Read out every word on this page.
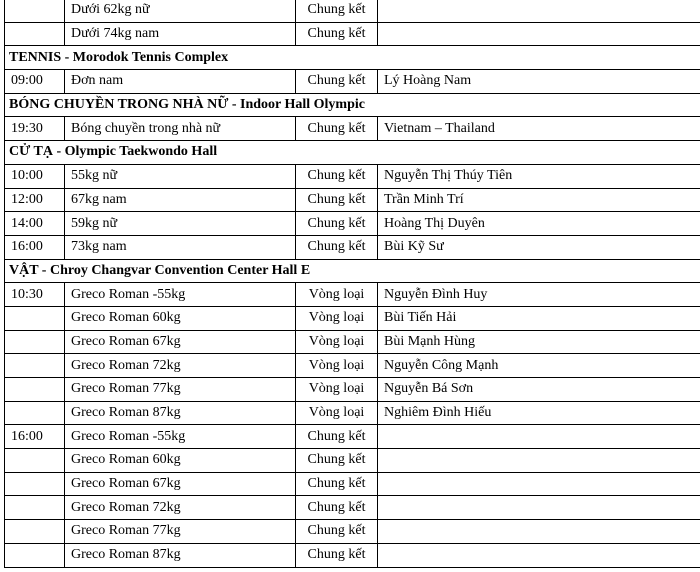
	Dưới 62kg nữ	Chung kết	
	Dưới 74kg nam	Chung kết	
TENNIS - Morodok Tennis Complex			
09:00	Đơn nam	Chung kết	Lý Hoàng Nam
BÓNG CHUYỀN TRONG NHÀ NỮ - Indoor Hall Olympic			
19:30	Bóng chuyền trong nhà nữ	Chung kết	Vietnam – Thailand
CỬ TẠ - Olympic Taekwondo Hall			
10:00	55kg nữ	Chung kết	Nguyễn Thị Thúy Tiên
12:00	67kg nam	Chung kết	Trần Minh Trí
14:00	59kg nữ	Chung kết	Hoàng Thị Duyên
16:00	73kg nam	Chung kết	Bùi Kỹ Sư
VẬT - Chroy Changvar Convention Center Hall E			
10:30	Greco Roman -55kg	Vòng loại	Nguyễn Đình Huy
	Greco Roman 60kg	Vòng loại	Bùi Tiến Hải
	Greco Roman 67kg	Vòng loại	Bùi Mạnh Hùng
	Greco Roman 72kg	Vòng loại	Nguyễn Công Mạnh
	Greco Roman 77kg	Vòng loại	Nguyễn Bá Sơn
	Greco Roman 87kg	Vòng loại	Nghiêm Đình Hiếu
16:00	Greco Roman -55kg	Chung kết	
	Greco Roman 60kg	Chung kết	
	Greco Roman 67kg	Chung kết	
	Greco Roman 72kg	Chung kết	
	Greco Roman 77kg	Chung kết	
	Greco Roman 87kg	Chung kết	
